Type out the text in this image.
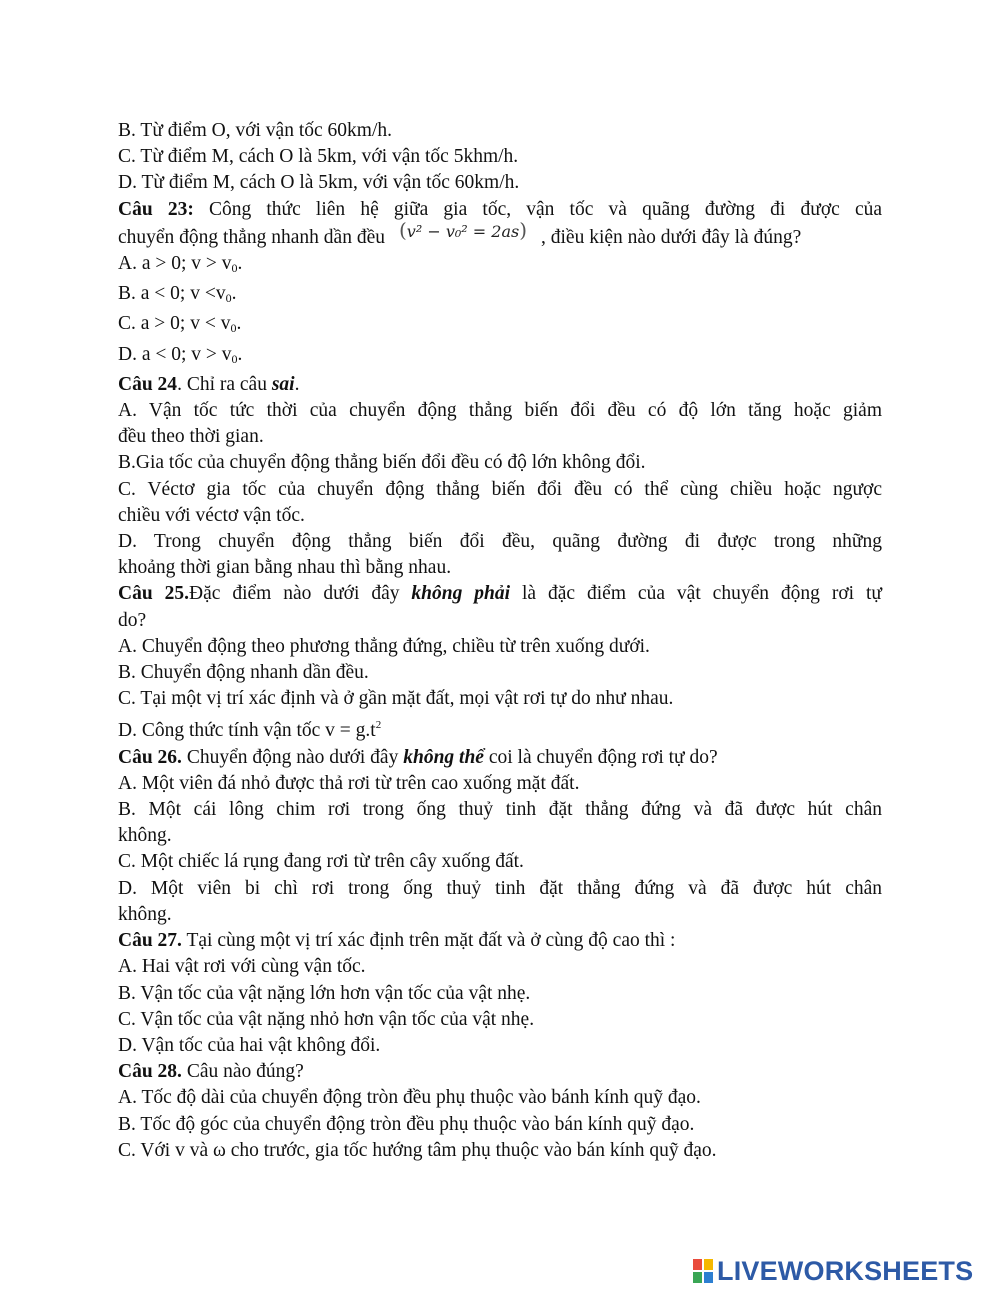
B. Từ điểm O, với vận tốc 60km/h.
C. Từ điểm M, cách O là 5km, với vận tốc 5khm/h.
D. Từ điểm M, cách O là 5km, với vận tốc 60km/h.
Câu 23: Công thức liên hệ giữa gia tốc, vận tốc và quãng đường đi được của
chuyển động thẳng nhanh dần đều (v² − v₀² = 2as) , điều kiện nào dưới đây là đúng?
A. a > 0; $v > v_0$.
B. a < 0; $v <v_0$.
C. a > 0; $v < v_0$.
D. a < 0; $v > v_0$.
Câu 24. Chỉ ra câu sai.
A. Vận tốc tức thời của chuyển động thẳng biến đổi đều có độ lớn tăng hoặc giảm
đều theo thời gian.
B.Gia tốc của chuyển động thẳng biến đổi đều có độ lớn không đổi.
C. Véctơ gia tốc của chuyển động thẳng biến đổi đều có thể cùng chiều hoặc ngược
chiều với véctơ vận tốc.
D. Trong chuyển động thẳng biến đổi đều, quãng đường đi được trong những
khoảng thời gian bằng nhau thì bằng nhau.
Câu 25.Đặc điểm nào dưới đây không phải là đặc điểm của vật chuyển động rơi tự
do?
A. Chuyển động theo phương thẳng đứng, chiều từ trên xuống dưới.
B. Chuyển động nhanh dần đều.
C. Tại một vị trí xác định và ở gần mặt đất, mọi vật rơi tự do như nhau.
D. Công thức tính vận tốc $v = g.t^2$
Câu 26. Chuyển động nào dưới đây không thể coi là chuyển động rơi tự do?
A. Một viên đá nhỏ được thả rơi từ trên cao xuống mặt đất.
B. Một cái lông chim rơi trong ống thuỷ tinh đặt thẳng đứng và đã được hút chân
không.
C. Một chiếc lá rụng đang rơi từ trên cây xuống đất.
D. Một viên bi chì rơi trong ống thuỷ tinh đặt thẳng đứng và đã được hút chân
không.
Câu 27. Tại cùng một vị trí xác định trên mặt đất và ở cùng độ cao thì :
A. Hai vật rơi với cùng vận tốc.
B. Vận tốc của vật nặng lớn hơn vận tốc của vật nhẹ.
C. Vận tốc của vật nặng nhỏ hơn vận tốc của vật nhẹ.
D. Vận tốc của hai vật không đổi.
Câu 28. Câu nào đúng?
A. Tốc độ dài của chuyển động tròn đều phụ thuộc vào bánh kính quỹ đạo.
B. Tốc độ góc của chuyển động tròn đều phụ thuộc vào bán kính quỹ đạo.
C. Với v và ω cho trước, gia tốc hướng tâm phụ thuộc vào bán kính quỹ đạo.
LIVEWORKSHEETS
